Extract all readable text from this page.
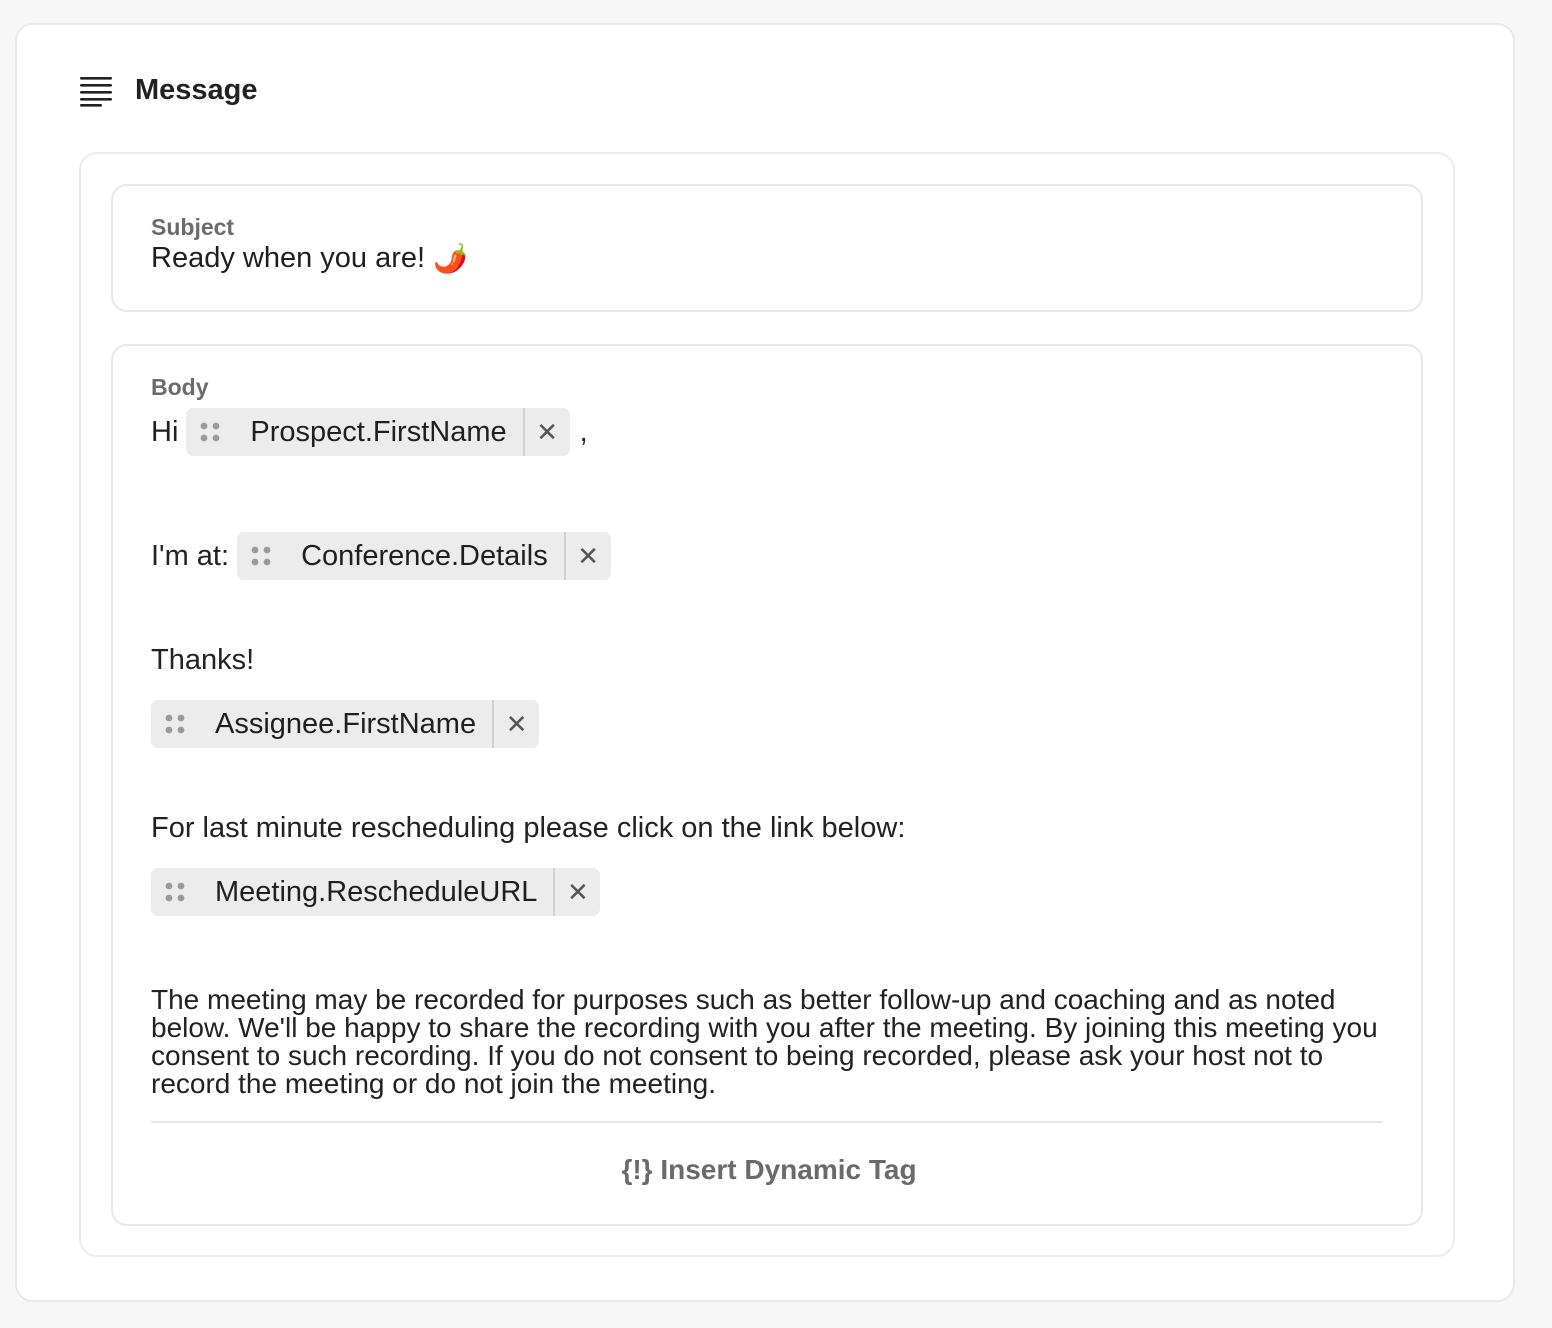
Message
Subject
Ready when you are! 🌶️
Body
Hi	Prospect.FirstName	✕ ,
I'm at:	Conference.Details	✕
Thanks!
Assignee.FirstName	✕
For last minute rescheduling please click on the link below:
Meeting.RescheduleURL	✕
The meeting may be recorded for purposes such as better follow-up and coaching and as noted below. We'll be happy to share the recording with you after the meeting. By joining this meeting you consent to such recording. If you do not consent to being recorded, please ask your host not to record the meeting or do not join the meeting.
{!} Insert Dynamic Tag
